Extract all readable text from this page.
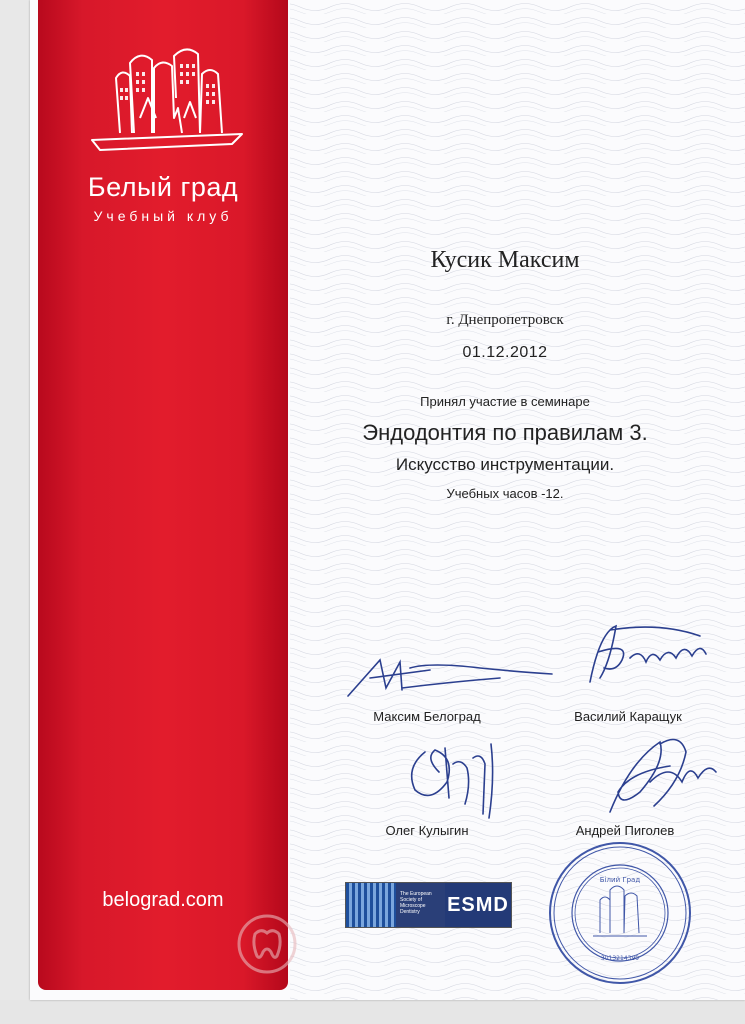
Белый град
Учебный клуб
belograd.com
Кусик Максим
г. Днепропетровск
01.12.2012
Принял участие в семинаре
Эндодонтия по правилам 3.
Искусство инструментации.
Учебных часов -12.
Максим Белоград	Василий Каращук
Олег Кулыгин	Андрей Пиголев
The European Society of Microscope Dentistry	ESMD
Білий Град
3013214399
